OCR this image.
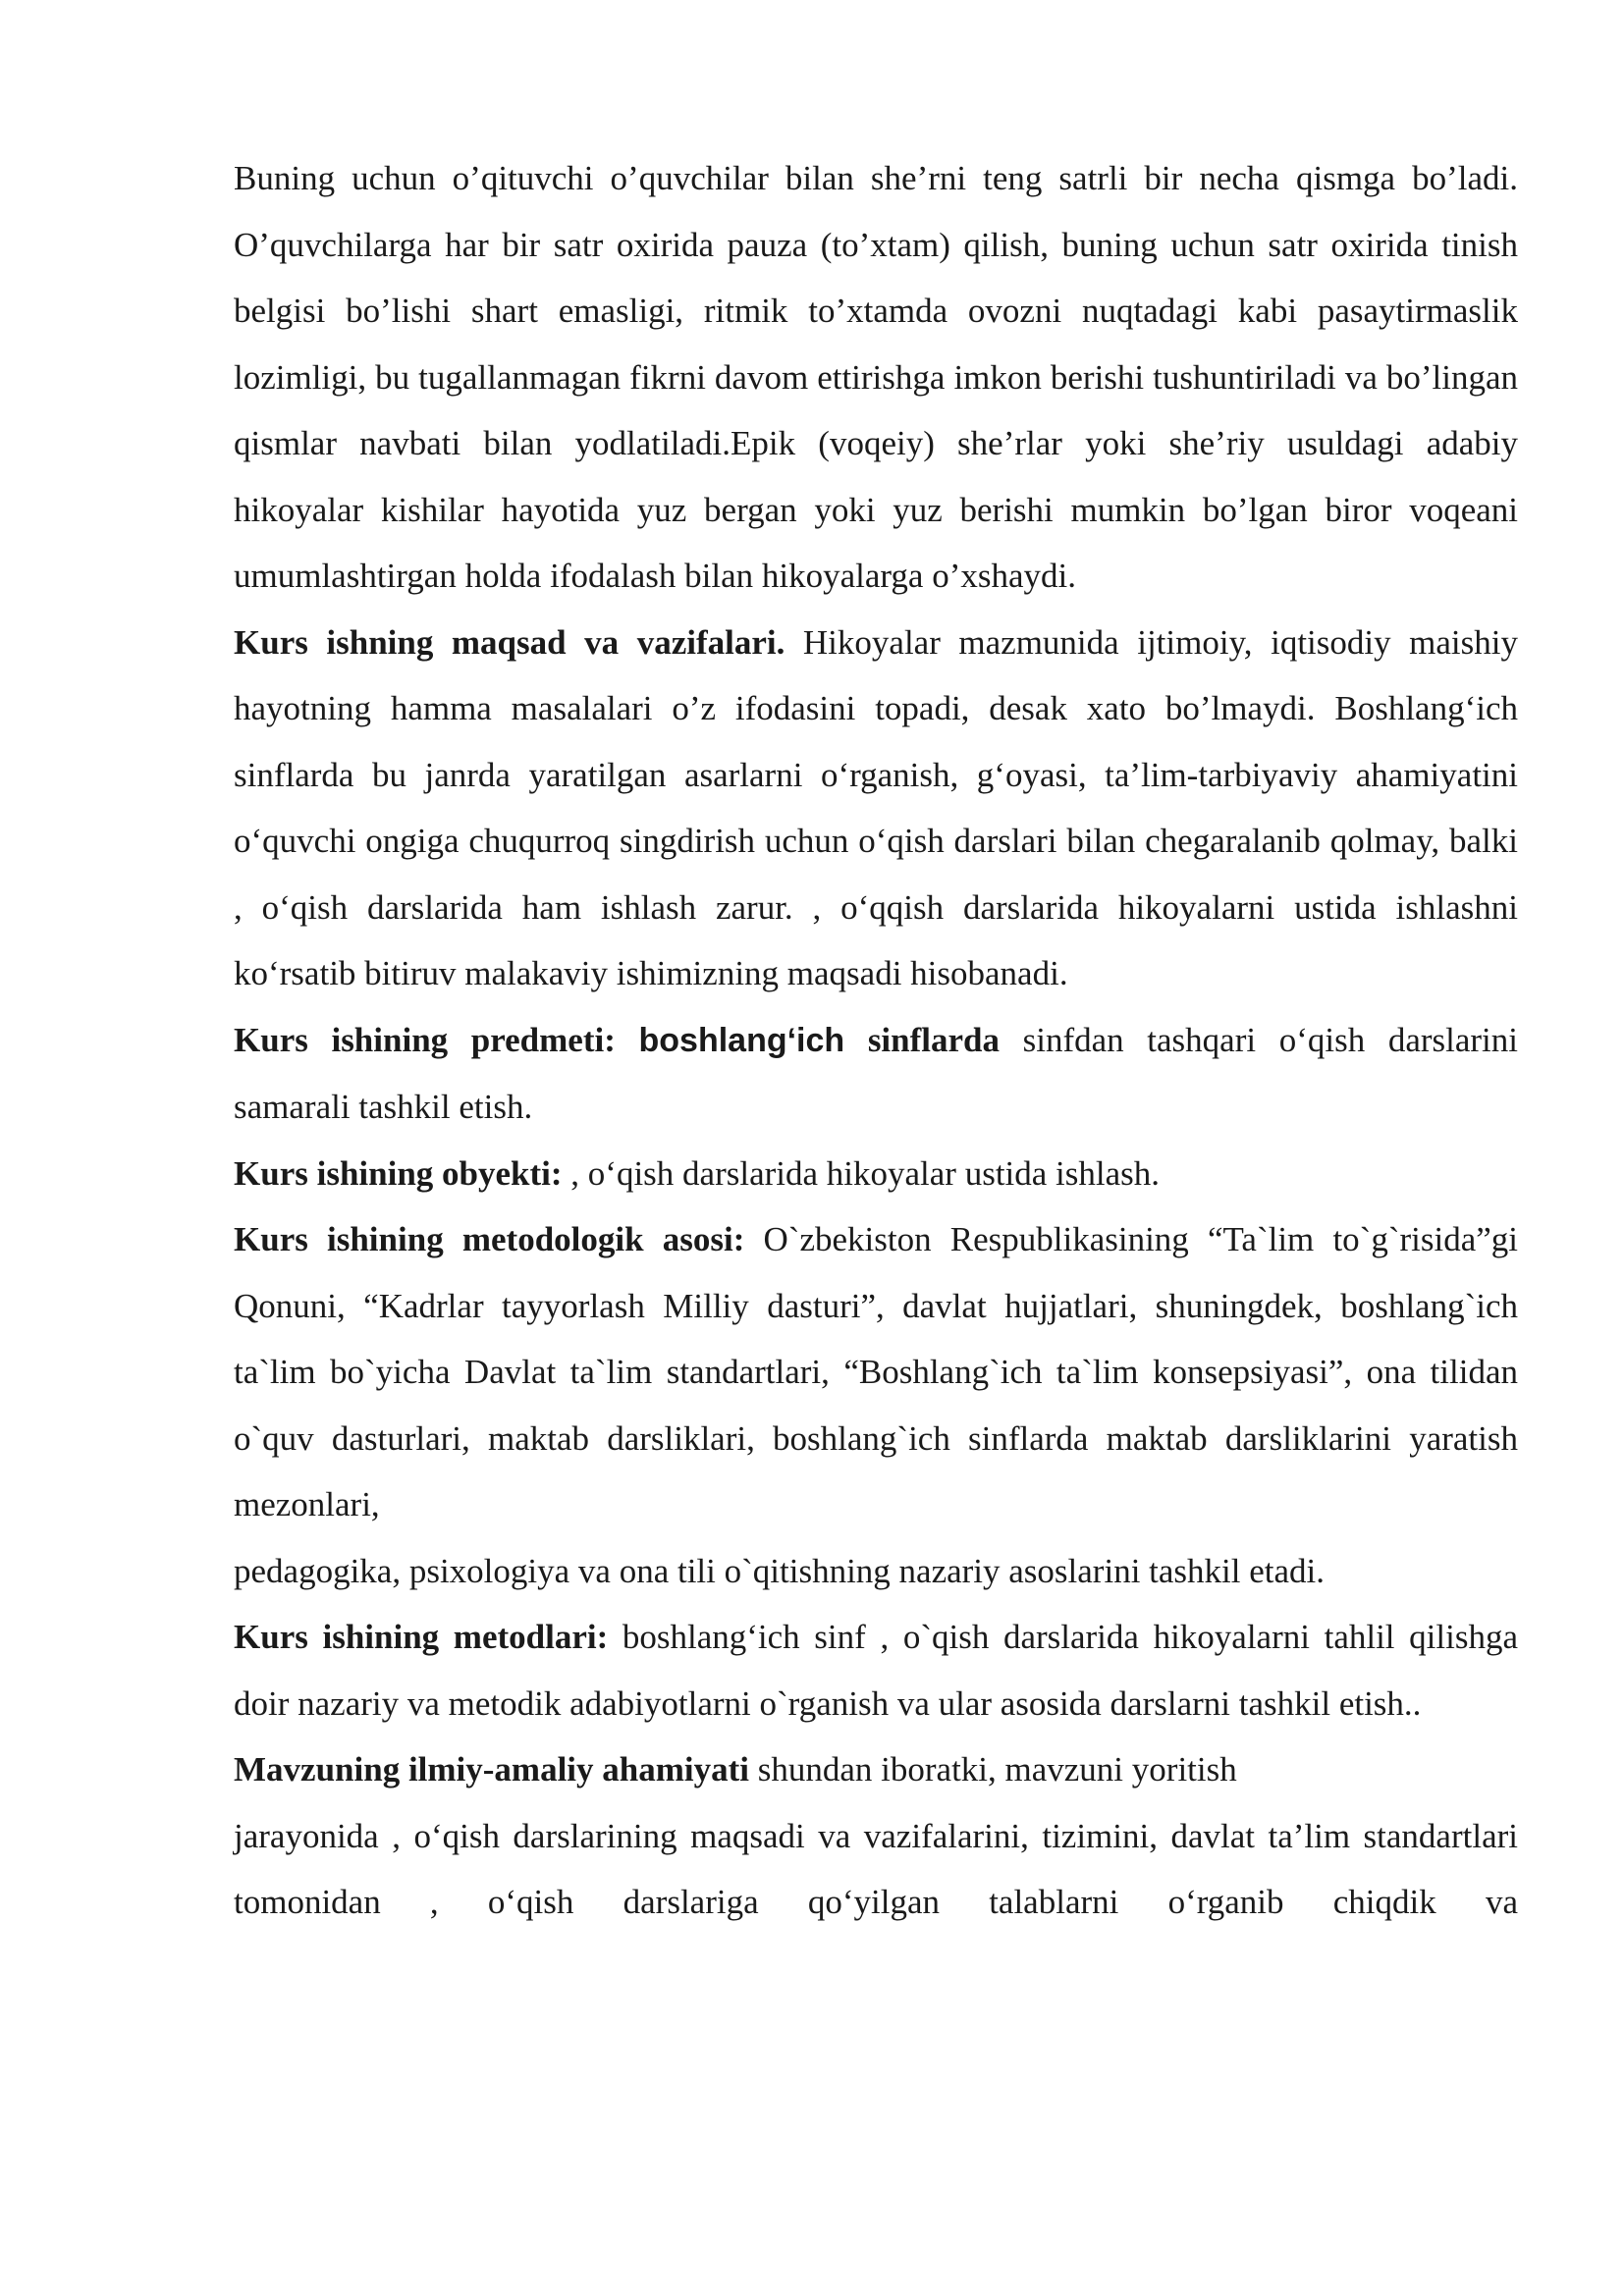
Buning uchun o’qituvchi o’quvchilar bilan she’rni teng satrli bir necha qismga bo’ladi. O’quvchilarga har bir satr oxirida pauza (to’xtam) qilish, buning uchun satr oxirida tinish belgisi bo’lishi shart emasligi, ritmik to’xtamda ovozni nuqtadagi kabi pasaytirmaslik lozimligi, bu tugallanmagan fikrni davom ettirishga imkon berishi tushuntiriladi va bo’lingan qismlar navbati bilan yodlatiladi.Epik (voqeiy) she’rlar yoki she’riy usuldagi adabiy hikoyalar kishilar hayotida yuz bergan yoki yuz berishi mumkin bo’lgan biror voqeani umumlashtirgan holda ifodalash bilan hikoyalarga o’xshaydi.

Kurs ishning maqsad va vazifalari. Hikoyalar mazmunida ijtimoiy, iqtisodiy maishiy hayotning hamma masalalari o’z ifodasini topadi, desak xato bo’lmaydi. Boshlang‘ich sinflarda bu janrda yaratilgan asarlarni o‘rganish, g‘oyasi, ta’lim-tarbiyaviy ahamiyatini o‘quvchi ongiga chuqurroq singdirish uchun o‘qish darslari bilan chegaralanib qolmay, balki , o‘qish darslarida ham ishlash zarur. , o‘qqish darslarida hikoyalarni ustida ishlashni ko‘rsatib bitiruv malakaviy ishimizning maqsadi hisobanadi.

Kurs ishining predmeti: boshlang‘ich sinflarda sinfdan tashqari o‘qish darslarini samarali tashkil etish.

Kurs ishining obyekti: , o‘qish darslarida hikoyalar ustida ishlash.

Kurs ishining metodologik asosi: O`zbekiston Respublikasining “Ta`lim to`g`risida”gi Qonuni, “Kadrlar tayyorlash Milliy dasturi”, davlat hujjatlari, shuningdek, boshlang`ich ta`lim bo`yicha Davlat ta`lim standartlari, “Boshlang`ich ta`lim konsepsiyasi”, ona tilidan o`quv dasturlari, maktab darsliklari, boshlang`ich sinflarda maktab darsliklarini yaratish mezonlari,

pedagogika, psixologiya va ona tili o`qitishning nazariy asoslarini tashkil etadi.

Kurs ishining metodlari: boshlang‘ich sinf , o`qish darslarida hikoyalarni tahlil qilishga doir nazariy va metodik adabiyotlarni o`rganish va ular asosida darslarni tashkil etish..

Mavzuning ilmiy-amaliy ahamiyati shundan iboratki, mavzuni yoritish

jarayonida , o‘qish darslarining maqsadi va vazifalarini, tizimini, davlat ta’lim standartlari tomonidan , o‘qish darslariga qo‘yilgan talablarni o‘rganib chiqdik va
